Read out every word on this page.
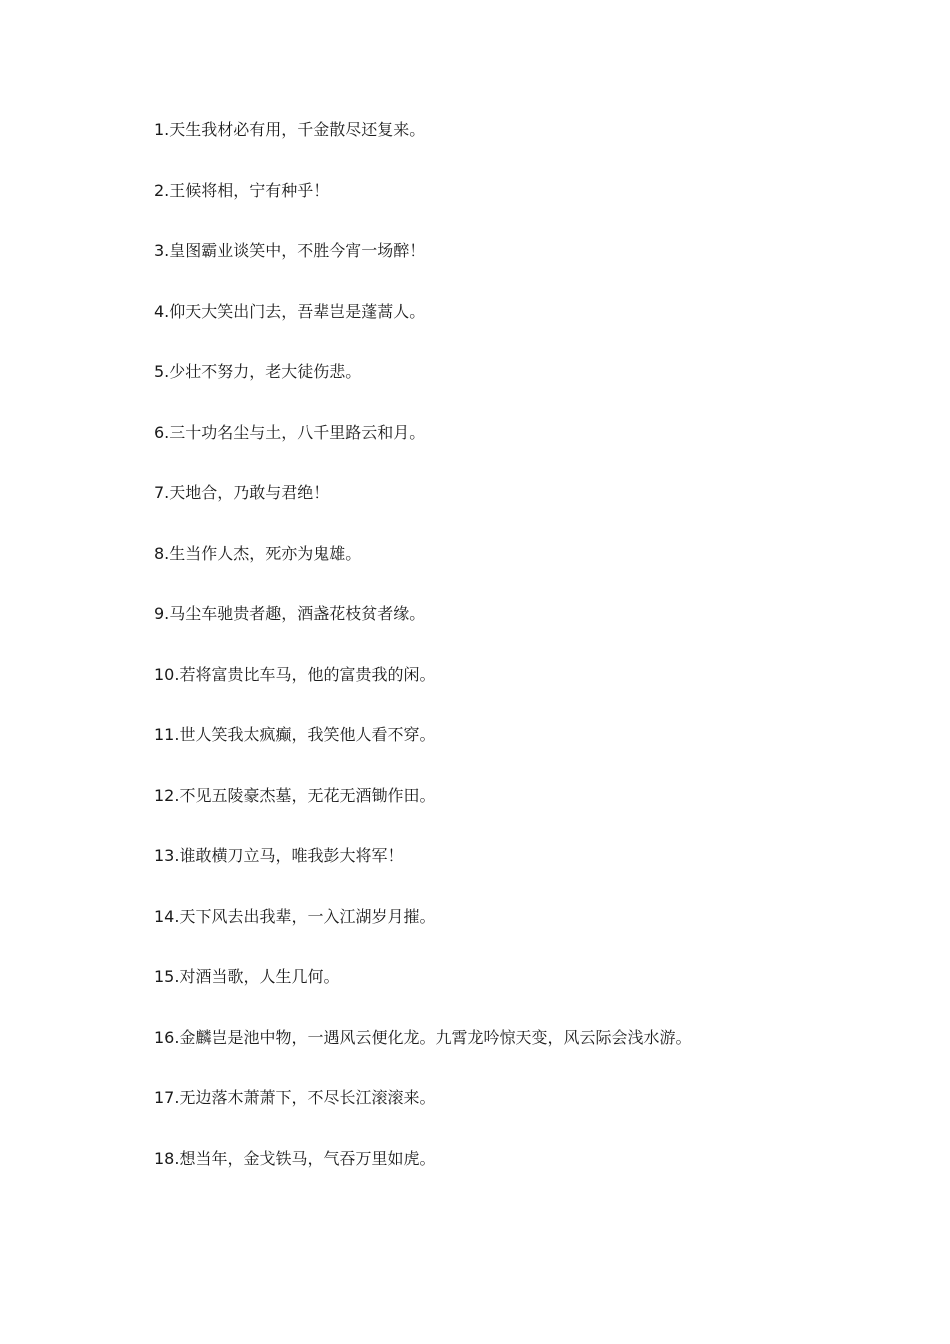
1.天生我材必有用，千金散尽还复来。
2.王候将相，宁有种乎！
3.皇图霸业谈笑中，不胜今宵一场醉！
4.仰天大笑出门去，吾辈岂是蓬蒿人。
5.少壮不努力，老大徒伤悲。
6.三十功名尘与土，八千里路云和月。
7.天地合，乃敢与君绝！
8.生当作人杰，死亦为鬼雄。
9.马尘车驰贵者趣，酒盏花枝贫者缘。
10.若将富贵比车马，他的富贵我的闲。
11.世人笑我太疯癫，我笑他人看不穿。
12.不见五陵豪杰墓，无花无酒锄作田。
13.谁敢横刀立马，唯我彭大将军！
14.天下风去出我辈，一入江湖岁月摧。
15.对酒当歌，人生几何。
16.金麟岂是池中物，一遇风云便化龙。九霄龙吟惊天变，风云际会浅水游。
17.无边落木萧萧下，不尽长江滚滚来。
18.想当年，金戈铁马，气吞万里如虎。
